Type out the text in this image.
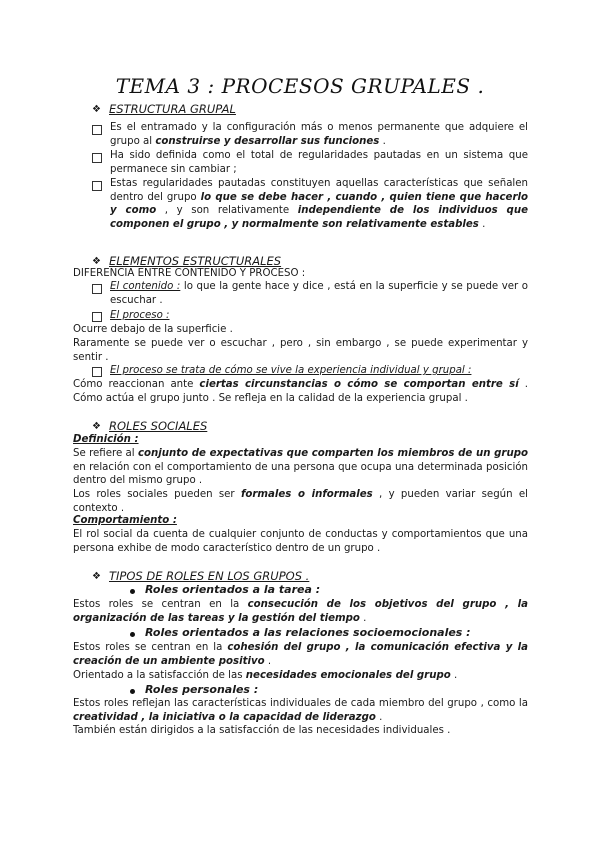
TEMA 3 : PROCESOS GRUPALES .
❖ ESTRUCTURA GRUPAL
Es el entramado y la configuración más o menos permanente que adquiere el grupo al construirse y desarrollar sus funciones .
Ha sido definida como el total de regularidades pautadas en un sistema que permanece sin cambiar ;
Estas regularidades pautadas constituyen aquellas características que señalen dentro del grupo lo que se debe hacer , cuando , quien tiene que hacerlo y como , y son relativamente independiente de los individuos que componen el grupo , y normalmente son relativamente estables .
❖ ELEMENTOS ESTRUCTURALES
DIFERENCIA ENTRE CONTENIDO Y PROCESO :
El contenido : lo que la gente hace y dice , está en la superficie y se puede ver o escuchar .
El proceso :
Ocurre debajo de la superficie .
Raramente se puede ver o escuchar , pero , sin embargo , se puede experimentar y sentir .
El proceso se trata de cómo se vive la experiencia individual y grupal :
Cómo reaccionan ante ciertas circunstancias o cómo se comportan entre sí . Cómo actúa el grupo junto . Se refleja en la calidad de la experiencia grupal .
❖ ROLES SOCIALES
Definición :
Se refiere al conjunto de expectativas que comparten los miembros de un grupo en relación con el comportamiento de una persona que ocupa una determinada posición dentro del mismo grupo .
Los roles sociales pueden ser formales o informales , y pueden variar según el contexto .
Comportamiento :
El rol social da cuenta de cualquier conjunto de conductas y comportamientos que una persona exhibe de modo característico dentro de un grupo .
❖ TIPOS DE ROLES EN LOS GRUPOS .
Roles orientados a la tarea :
Estos roles se centran en la consecución de los objetivos del grupo , la organización de las tareas y la gestión del tiempo .
Roles orientados a las relaciones socioemocionales :
Estos roles se centran en la cohesión del grupo , la comunicación efectiva y la creación de un ambiente positivo .
Orientado a la satisfacción de las necesidades emocionales del grupo .
Roles personales :
Estos roles reflejan las características individuales de cada miembro del grupo , como la creatividad , la iniciativa o la capacidad de liderazgo .
También están dirigidos a la satisfacción de las necesidades individuales .
